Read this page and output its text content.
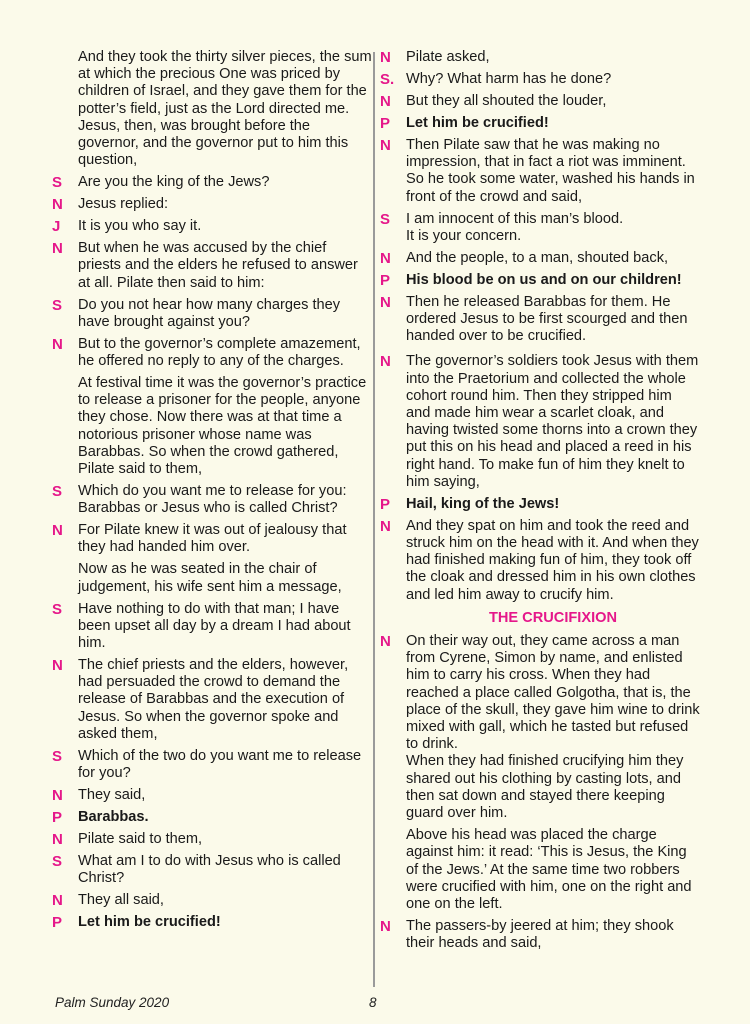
And they took the thirty silver pieces, the sum at which the precious One was priced by children of Israel, and they gave them for the potter’s field, just as the Lord directed me.
Jesus, then, was brought before the governor, and the governor put to him this question,
S	Are you the king of the Jews?
N	Jesus replied:
J	It is you who say it.
N	But when he was accused by the chief priests and the elders he refused to answer at all. Pilate then said to him:
S	Do you not hear how many charges they have brought against you?
N	But to the governor’s complete amazement, he offered no reply to any of the charges.
At festival time it was the governor’s practice to release a prisoner for the people, anyone they chose. Now there was at that time a notorious prisoner whose name was Barabbas. So when the crowd gathered, Pilate said to them,
S	Which do you want me to release for you: Barabbas or Jesus who is called Christ?
N	For Pilate knew it was out of jealousy that they had handed him over.
Now as he was seated in the chair of judgement, his wife sent him a message,
S	Have nothing to do with that man; I have been upset all day by a dream I had about him.
N	The chief priests and the elders, however, had persuaded the crowd to demand the release of Barabbas and the execution of Jesus. So when the governor spoke and asked them,
S	Which of the two do you want me to release for you?
N	They said,
P	Barabbas.
N	Pilate said to them,
S	What am I to do with Jesus who is called Christ?
N	They all said,
P	Let him be crucified!
N	Pilate asked,
S. Why? What harm has he done?
N	But they all shouted the louder,
P	Let him be crucified!
N	Then Pilate saw that he was making no impression, that in fact a riot was imminent. So he took some water, washed his hands in front of the crowd and said,
S	I am innocent of this man’s blood.
It is your concern.
N	And the people, to a man, shouted back,
P	His blood be on us and on our children!
N	Then he released Barabbas for them. He ordered Jesus to be first scourged and then handed over to be crucified.
N	The governor’s soldiers took Jesus with them into the Praetorium and collected the whole cohort round him. Then they stripped him and made him wear a scarlet cloak, and having twisted some thorns into a crown they put this on his head and placed a reed in his right hand. To make fun of him they knelt to him saying,
P	Hail, king of the Jews!
N	And they spat on him and took the reed and struck him on the head with it. And when they had finished making fun of him, they took off the cloak and dressed him in his own clothes and led him away to crucify him.
THE CRUCIFIXION
N	On their way out, they came across a man from Cyrene, Simon by name, and enlisted him to carry his cross. When they had reached a place called Golgotha, that is, the place of the skull, they gave him wine to drink mixed with gall, which he tasted but refused to drink.
When they had finished crucifying him they shared out his clothing by casting lots, and then sat down and stayed there keeping guard over him.
Above his head was placed the charge against him: it read: ‘This is Jesus, the King of the Jews.’ At the same time two robbers were crucified with him, one on the right and one on the left.
N	The passers-by jeered at him; they shook their heads and said,
Palm Sunday 2020	8
